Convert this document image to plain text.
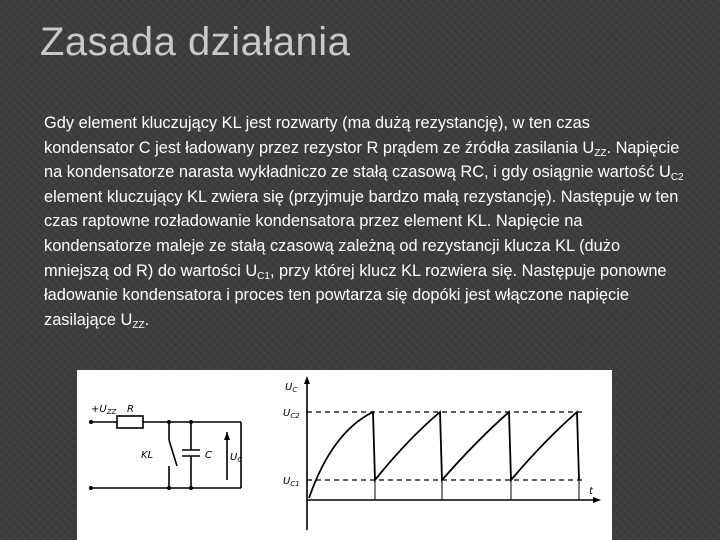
Zasada działania

Gdy element kluczujący KL jest rozwarty (ma dużą rezystancję), w ten czas kondensator C jest ładowany przez rezystor R prądem ze źródła zasilania $U_{ZZ}$. Napięcie na kondensatorze narasta wykładniczo ze stałą czasową RC, i gdy osiągnie wartość $U_{C2}$ element kluczujący KL zwiera się (przyjmuje bardzo małą rezystancję). Następuje w ten czas raptowne rozładowanie kondensatora przez element KL. Napięcie na kondensatorze maleje ze stałą czasową zależną od rezystancji klucza KL (dużo mniejszą od R) do wartości $U_{C1}$, przy której klucz KL rozwiera się. Następuje ponowne ładowanie kondensatora i proces ten powtarza się dopóki jest włączone napięcie zasilające $U_{ZZ}$.

$+U_{ZZ}$ R
KL	C $U_C$
$U_C$
$U_{C2}$
$U_{C1}$
t
